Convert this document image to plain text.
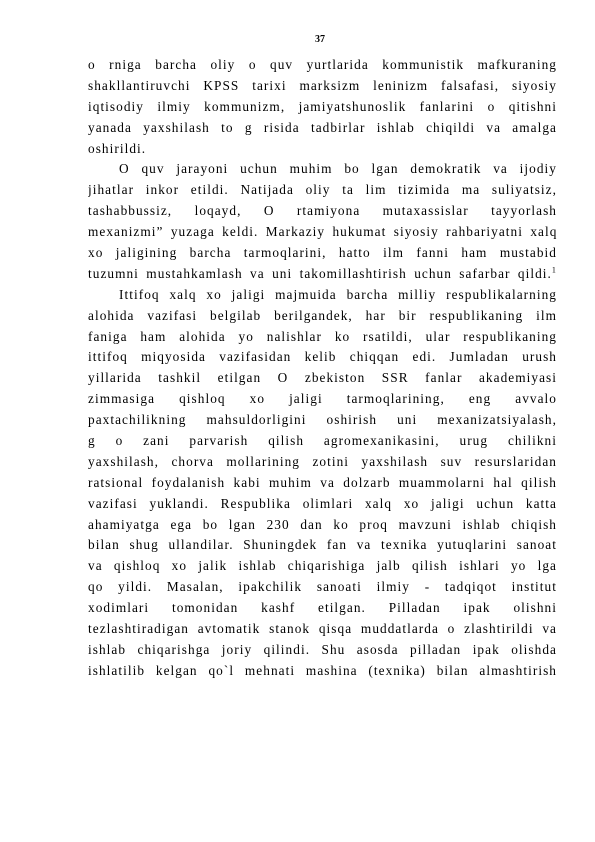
37
o rniga barcha oliy o quv yurtlarida kommunistik mafkuraning
shakllantiruvchi KPSS tarixi marksizm leninizm falsafasi, siyosiy
iqtisodiy ilmiy kommunizm, jamiyatshunoslik fanlarini o qitishni
yanada yaxshilash to g risida tadbirlar ishlab chiqildi va amalga
oshirildi.
O quv jarayoni uchun muhim bo lgan demokratik va ijodiy
jihatlar inkor etildi. Natijada oliy ta lim tizimida ma suliyatsiz,
tashabbussiz, loqayd, O rtamiyona mutaxassislar tayyorlash
mexanizmi” yuzaga keldi. Markaziy hukumat siyosiy rahbariyatni xalq
xo jaligining barcha tarmoqlarini, hatto ilm fanni ham mustabid
tuzumni mustahkamlash va uni takomillashtirish uchun safarbar qildi.$^1$
Ittifoq xalq xo jaligi majmuida barcha milliy respublikalarning
alohida vazifasi belgilab berilgandek, har bir respublikaning ilm
faniga ham alohida yo nalishlar ko rsatildi, ular respublikaning
ittifoq miqyosida vazifasidan kelib chiqqan edi. Jumladan urush
yillarida tashkil etilgan O zbekiston SSR fanlar akademiyasi
zimmasiga qishloq xo jaligi tarmoqlarining, eng avvalo
paxtachilikning mahsuldorligini oshirish uni mexanizatsiyalash,
g o zani parvarish qilish agromexanikasini, urug chilikni
yaxshilash, chorva mollarining zotini yaxshilash suv resurslaridan
ratsional foydalanish kabi muhim va dolzarb muammolarni hal qilish
vazifasi yuklandi. Respublika olimlari xalq xo jaligi uchun katta
ahamiyatga ega bo lgan 230 dan ko proq mavzuni ishlab chiqish
bilan shug ullandilar. Shuningdek fan va texnika yutuqlarini sanoat
va qishloq xo jalik ishlab chiqarishiga jalb qilish ishlari yo lga
qo yildi. Masalan, ipakchilik sanoati ilmiy - tadqiqot institut
xodimlari tomonidan kashf etilgan. Pilladan ipak olishni
tezlashtiradigan avtomatik stanok qisqa muddatlarda o zlashtirildi va
ishlab chiqarishga joriy qilindi. Shu asosda pilladan ipak olishda
ishlatilib kelgan qo`l mehnati mashina (texnika) bilan almashtirish
